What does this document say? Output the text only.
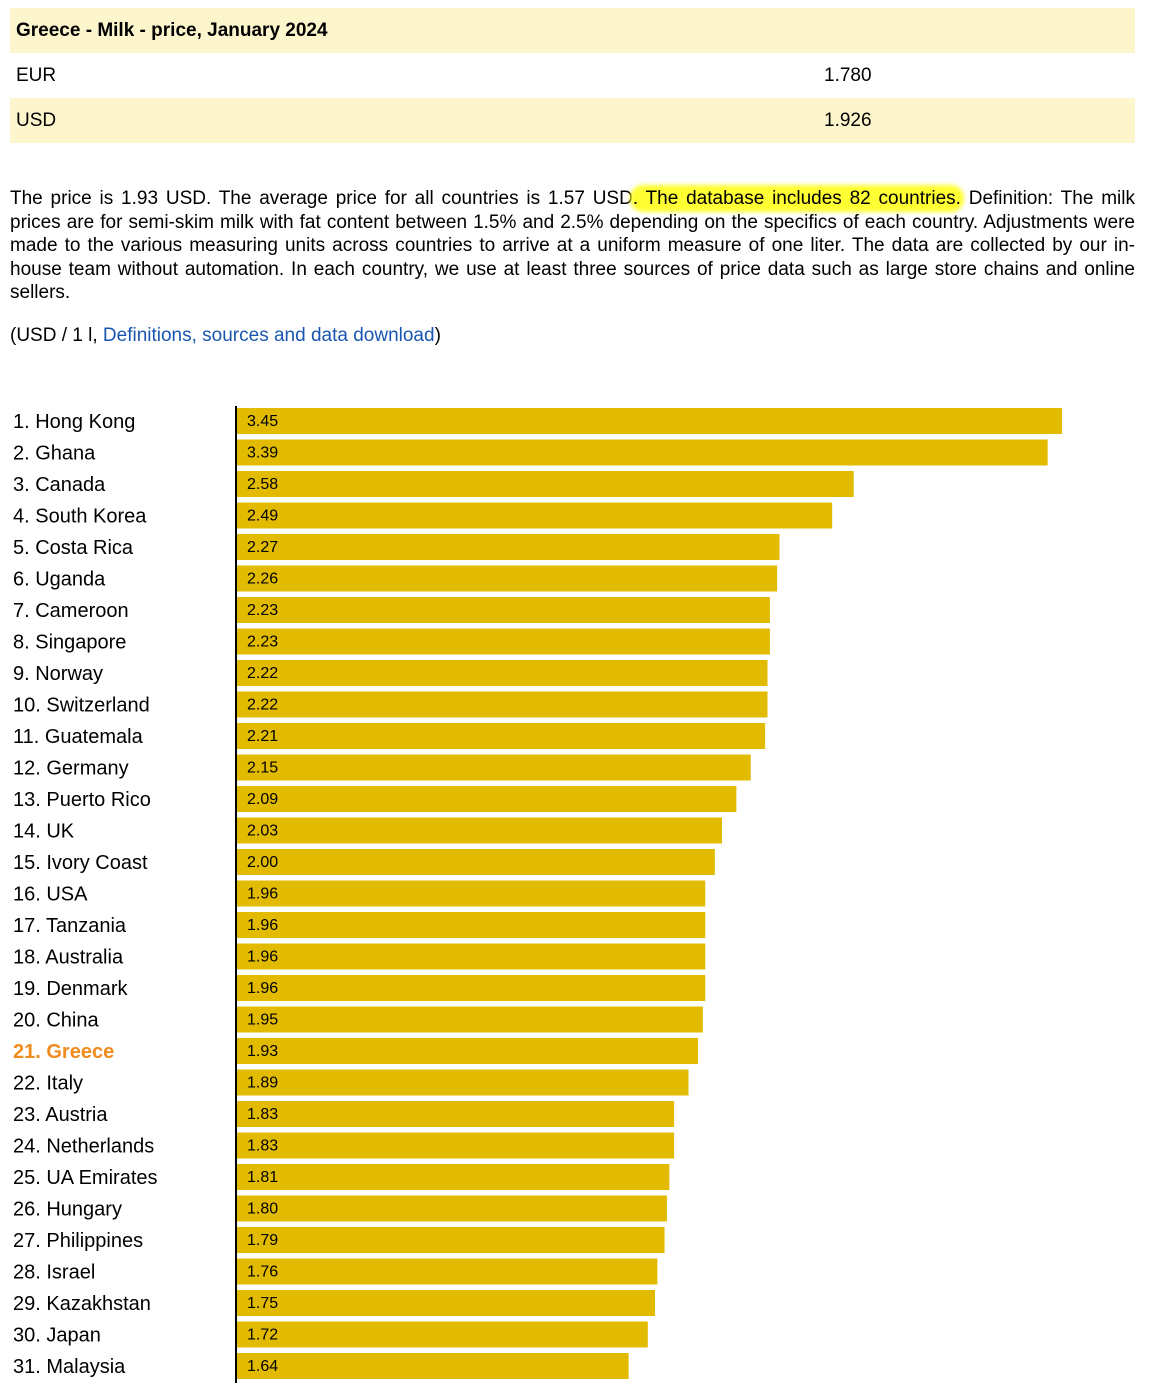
Greece - Milk - price, January 2024
EUR	1.780
USD	1.926
The price is 1.93 USD. The average price for all countries is 1.57 USD. The database includes 82 countries. Definition: The milk prices are for semi-skim milk with fat content between 1.5% and 2.5% depending on the specifics of each country. Adjustments were made to the various measuring units across countries to arrive at a uniform measure of one liter. The data are collected by our in-house team without automation. In each country, we use at least three sources of price data such as large store chains and online sellers.
(USD / 1 l, Definitions, sources and data download)
1. Hong Kong	3.45
2. Ghana	3.39
3. Canada	2.58
4. South Korea	2.49
5. Costa Rica	2.27
6. Uganda	2.26
7. Cameroon	2.23
8. Singapore	2.23
9. Norway	2.22
10. Switzerland	2.22
11. Guatemala	2.21
12. Germany	2.15
13. Puerto Rico	2.09
14. UK	2.03
15. Ivory Coast	2.00
16. USA	1.96
17. Tanzania	1.96
18. Australia	1.96
19. Denmark	1.96
20. China	1.95
21. Greece	1.93
22. Italy	1.89
23. Austria	1.83
24. Netherlands	1.83
25. UA Emirates	1.81
26. Hungary	1.80
27. Philippines	1.79
28. Israel	1.76
29. Kazakhstan	1.75
30. Japan	1.72
31. Malaysia	1.64
